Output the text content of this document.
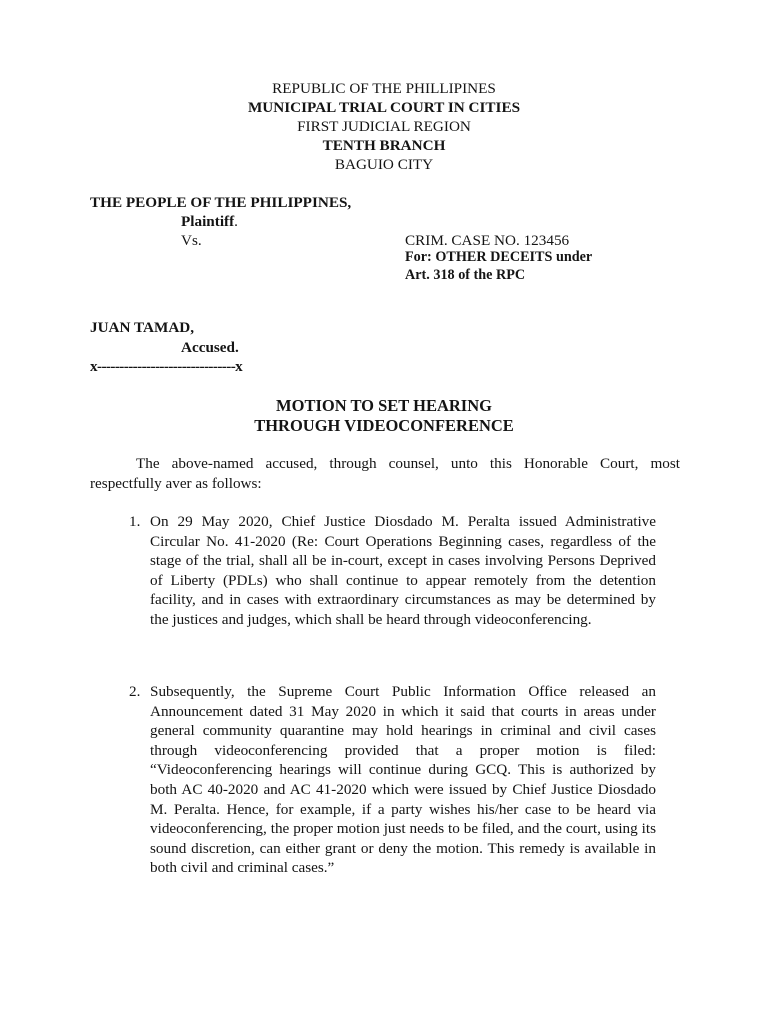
REPUBLIC OF THE PHILLIPINES
MUNICIPAL TRIAL COURT IN CITIES
FIRST JUDICIAL REGION
TENTH BRANCH
BAGUIO CITY
THE PEOPLE OF THE PHILIPPINES,
Plaintiff.
Vs.	CRIM. CASE NO. 123456
For: OTHER DECEITS under
Art. 318 of the RPC
JUAN TAMAD,
Accused.
x-------------------------------x
MOTION TO SET HEARING
THROUGH VIDEOCONFERENCE
The above-named accused, through counsel, unto this Honorable Court, most respectfully aver as follows:
1. On 29 May 2020, Chief Justice Diosdado M. Peralta issued Administrative Circular No. 41-2020 (Re: Court Operations Beginning cases, regardless of the stage of the trial, shall all be in-court, except in cases involving Persons Deprived of Liberty (PDLs) who shall continue to appear remotely from the detention facility, and in cases with extraordinary circumstances as may be determined by the justices and judges, which shall be heard through videoconferencing.
2. Subsequently, the Supreme Court Public Information Office released an Announcement dated 31 May 2020 in which it said that courts in areas under general community quarantine may hold hearings in criminal and civil cases through videoconferencing provided that a proper motion is filed: “Videoconferencing hearings will continue during GCQ. This is authorized by both AC 40-2020 and AC 41-2020 which were issued by Chief Justice Diosdado M. Peralta. Hence, for example, if a party wishes his/her case to be heard via videoconferencing, the proper motion just needs to be filed, and the court, using its sound discretion, can either grant or deny the motion. This remedy is available in both civil and criminal cases.”
